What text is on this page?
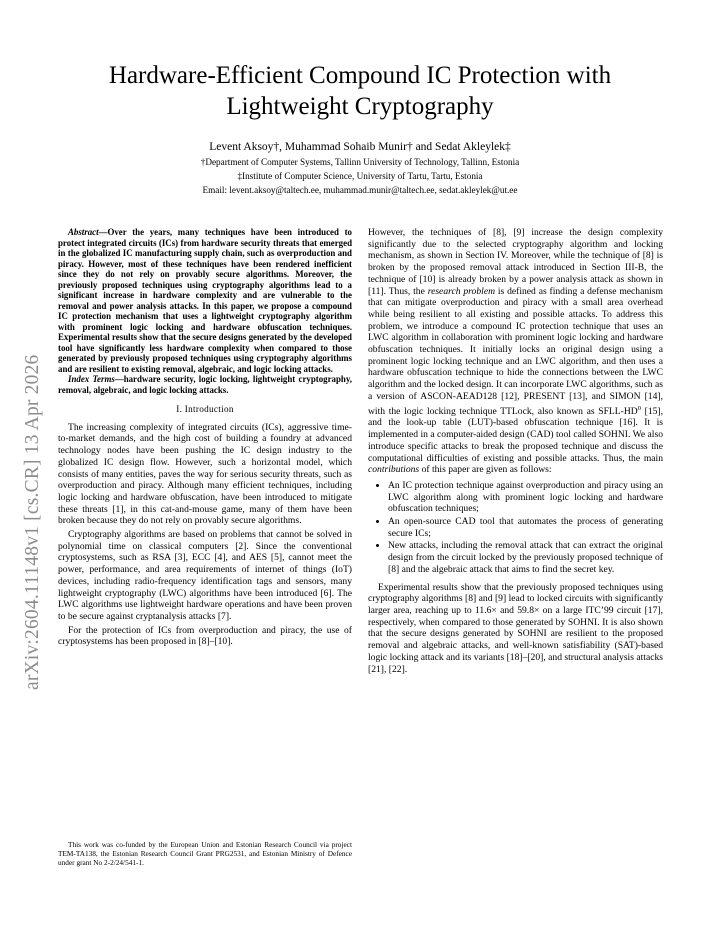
arXiv:2604.11148v1 [cs.CR] 13 Apr 2026
Hardware-Efficient Compound IC Protection with
Lightweight Cryptography
Levent Aksoy†, Muhammad Sohaib Munir† and Sedat Akleylek‡
†Department of Computer Systems, Tallinn University of Technology, Tallinn, Estonia
‡Institute of Computer Science, University of Tartu, Tartu, Estonia
Email: levent.aksoy@taltech.ee, muhammad.munir@taltech.ee, sedat.akleylek@ut.ee

Abstract—Over the years, many techniques have been introduced to protect integrated circuits (ICs) from hardware security threats that emerged in the globalized IC manufacturing supply chain, such as overproduction and piracy. However, most of these techniques have been rendered inefficient since they do not rely on provably secure algorithms. Moreover, the previously proposed techniques using cryptography algorithms lead to a significant increase in hardware complexity and are vulnerable to the removal and power analysis attacks. In this paper, we propose a compound IC protection mechanism that uses a lightweight cryptography algorithm with prominent logic locking and hardware obfuscation techniques. Experimental results show that the secure designs generated by the developed tool have significantly less hardware complexity when compared to those generated by previously proposed techniques using cryptography algorithms and are resilient to existing removal, algebraic, and logic locking attacks.

Index Terms—hardware security, logic locking, lightweight cryptography, removal, algebraic, and logic locking attacks.

I. Introduction

The increasing complexity of integrated circuits (ICs), aggressive time-to-market demands, and the high cost of building a foundry at advanced technology nodes have been pushing the IC design industry to the globalized IC design flow. However, such a horizontal model, which consists of many entities, paves the way for serious security threats, such as overproduction and piracy. Although many efficient techniques, including logic locking and hardware obfuscation, have been introduced to mitigate these threats [1], in this cat-and-mouse game, many of them have been broken because they do not rely on provably secure algorithms.

Cryptography algorithms are based on problems that cannot be solved in polynomial time on classical computers [2]. Since the conventional cryptosystems, such as RSA [3], ECC [4], and AES [5], cannot meet the power, performance, and area requirements of internet of things (IoT) devices, including radio-frequency identification tags and sensors, many lightweight cryptography (LWC) algorithms have been introduced [6]. The LWC algorithms use lightweight hardware operations and have been proven to be secure against cryptanalysis attacks [7].

For the protection of ICs from overproduction and piracy, the use of cryptosystems has been proposed in [8]–[10].

This work was co-funded by the European Union and Estonian Research Council via project TEM-TA138, the Estonian Research Council Grant PRG2531, and Estonian Ministry of Defence under grant No 2-2/24/541-1.

However, the techniques of [8], [9] increase the design complexity significantly due to the selected cryptography algorithm and locking mechanism, as shown in Section IV. Moreover, while the technique of [8] is broken by the proposed removal attack introduced in Section III-B, the technique of [10] is already broken by a power analysis attack as shown in [11]. Thus, the research problem is defined as finding a defense mechanism that can mitigate overproduction and piracy with a small area overhead while being resilient to all existing and possible attacks. To address this problem, we introduce a compound IC protection technique that uses an LWC algorithm in collaboration with prominent logic locking and hardware obfuscation techniques. It initially locks an original design using a prominent logic locking technique and an LWC algorithm, and then uses a hardware obfuscation technique to hide the connections between the LWC algorithm and the locked design. It can incorporate LWC algorithms, such as a version of ASCON-AEAD128 [12], PRESENT [13], and SIMON [14], with the logic locking technique TTLock, also known as SFLL-$HD^0$ [15], and the look-up table (LUT)-based obfuscation technique [16]. It is implemented in a computer-aided design (CAD) tool called SOHNI. We also introduce specific attacks to break the proposed technique and discuss the computational difficulties of existing and possible attacks. Thus, the main contributions of this paper are given as follows:

• An IC protection technique against overproduction and piracy using an LWC algorithm along with prominent logic locking and hardware obfuscation techniques;
• An open-source CAD tool that automates the process of generating secure ICs;
• New attacks, including the removal attack that can extract the original design from the circuit locked by the previously proposed technique of [8] and the algebraic attack that aims to find the secret key.

Experimental results show that the previously proposed techniques using cryptography algorithms [8] and [9] lead to locked circuits with significantly larger area, reaching up to 11.6× and 59.8× on a large ITC’99 circuit [17], respectively, when compared to those generated by SOHNI. It is also shown that the secure designs generated by SOHNI are resilient to the proposed removal and algebraic attacks, and well-known satisfiability (SAT)-based logic locking attack and its variants [18]–[20], and structural analysis attacks [21], [22].
